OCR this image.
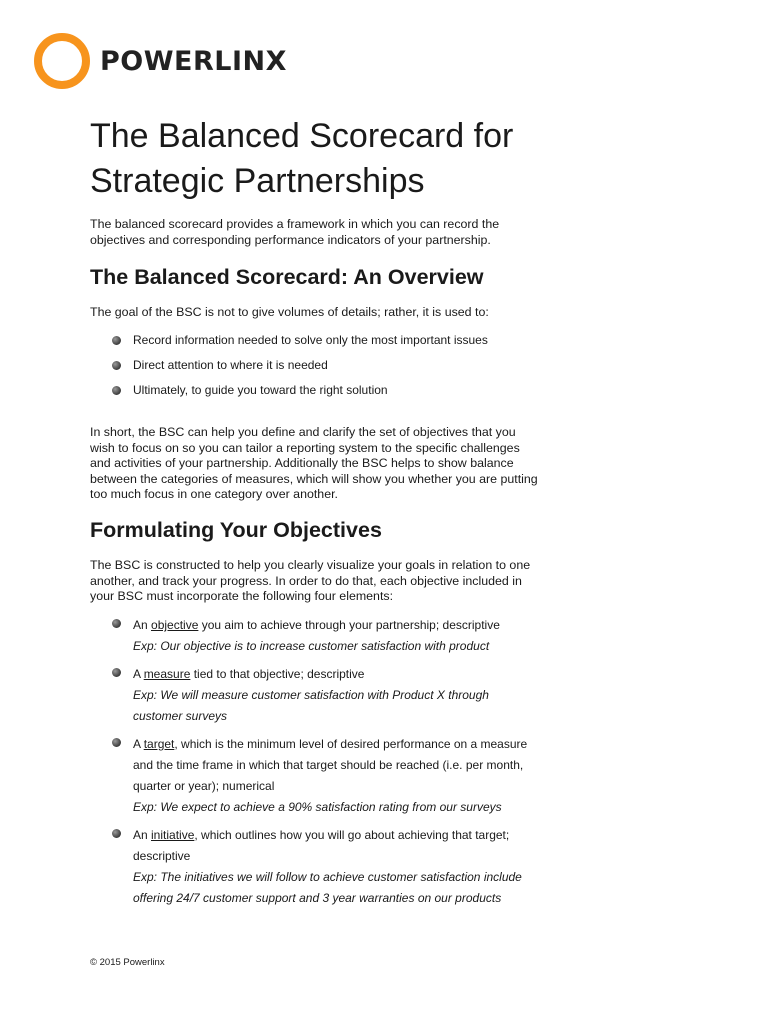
POWERLINX
The Balanced Scorecard for Strategic Partnerships

The balanced scorecard provides a framework in which you can record the objectives and corresponding performance indicators of your partnership.

The Balanced Scorecard: An Overview

The goal of the BSC is not to give volumes of details; rather, it is used to:

Record information needed to solve only the most important issues
Direct attention to where it is needed
Ultimately, to guide you toward the right solution

In short, the BSC can help you define and clarify the set of objectives that you wish to focus on so you can tailor a reporting system to the specific challenges and activities of your partnership. Additionally the BSC helps to show balance between the categories of measures, which will show you whether you are putting too much focus in one category over another.

Formulating Your Objectives

The BSC is constructed to help you clearly visualize your goals in relation to one another, and track your progress. In order to do that, each objective included in your BSC must incorporate the following four elements:

An objective you aim to achieve through your partnership; descriptive
Exp: Our objective is to increase customer satisfaction with product
A measure tied to that objective; descriptive
Exp: We will measure customer satisfaction with Product X through customer surveys
A target, which is the minimum level of desired performance on a measure and the time frame in which that target should be reached (i.e. per month, quarter or year); numerical
Exp: We expect to achieve a 90% satisfaction rating from our surveys
An initiative, which outlines how you will go about achieving that target; descriptive
Exp: The initiatives we will follow to achieve customer satisfaction include offering 24/7 customer support and 3 year warranties on our products
© 2015 Powerlinx
